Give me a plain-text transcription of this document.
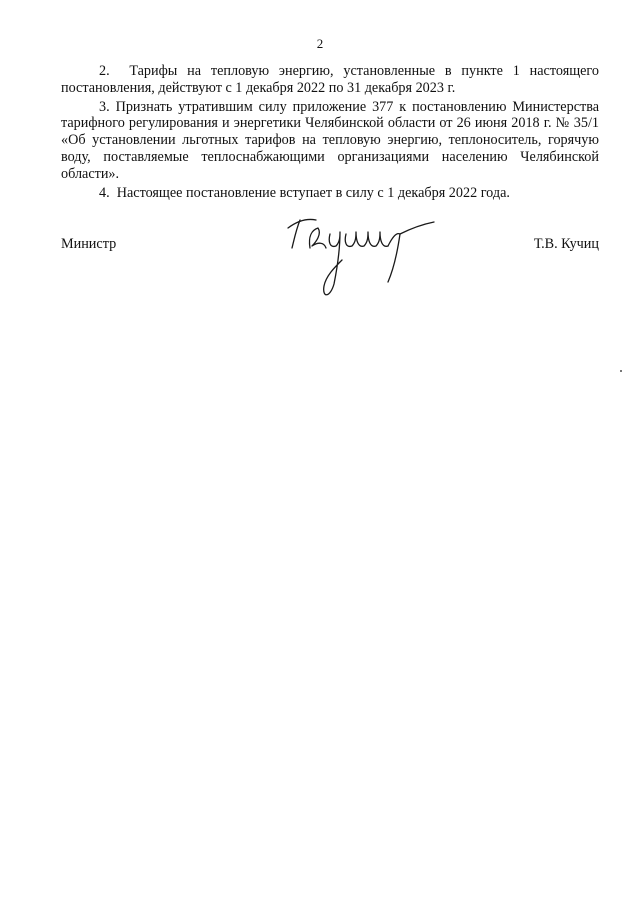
2

2.  Тарифы на тепловую энергию, установленные в пункте 1 настоящего постановления, действуют с 1 декабря 2022 по 31 декабря 2023 г.

3. Признать утратившим силу приложение 377 к постановлению Министерства тарифного регулирования и энергетики Челябинской области от 26 июня 2018 г. № 35/1 «Об установлении льготных тарифов на тепловую энергию, теплоноситель, горячую воду, поставляемые теплоснабжающими организациями населению Челябинской области».

4.  Настоящее постановление вступает в силу с 1 декабря 2022 года.

Министр	Т.В. Кучиц
